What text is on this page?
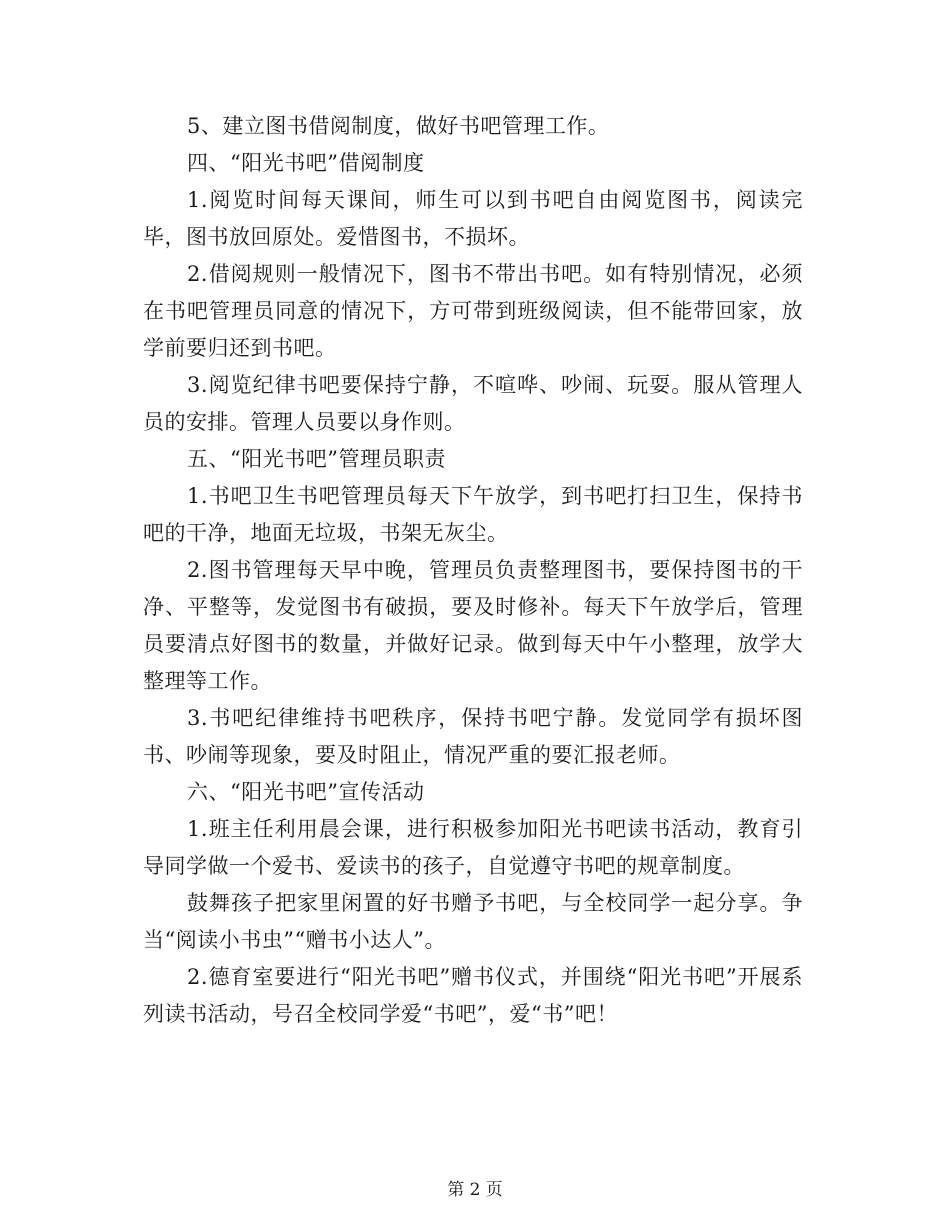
5、建立图书借阅制度，做好书吧管理工作。

四、“阳光书吧”借阅制度

1.阅览时间每天课间，师生可以到书吧自由阅览图书，阅读完毕，图书放回原处。爱惜图书，不损坏。

2.借阅规则一般情况下，图书不带出书吧。如有特别情况，必须在书吧管理员同意的情况下，方可带到班级阅读，但不能带回家，放学前要归还到书吧。

3.阅览纪律书吧要保持宁静，不喧哗、吵闹、玩耍。服从管理人员的安排。管理人员要以身作则。

五、“阳光书吧”管理员职责

1.书吧卫生书吧管理员每天下午放学，到书吧打扫卫生，保持书吧的干净，地面无垃圾，书架无灰尘。

2.图书管理每天早中晚，管理员负责整理图书，要保持图书的干净、平整等，发觉图书有破损，要及时修补。每天下午放学后，管理员要清点好图书的数量，并做好记录。做到每天中午小整理，放学大整理等工作。

3.书吧纪律维持书吧秩序，保持书吧宁静。发觉同学有损坏图书、吵闹等现象，要及时阻止，情况严重的要汇报老师。

六、“阳光书吧”宣传活动

1.班主任利用晨会课，进行积极参加阳光书吧读书活动，教育引导同学做一个爱书、爱读书的孩子，自觉遵守书吧的规章制度。

鼓舞孩子把家里闲置的好书赠予书吧，与全校同学一起分享。争当“阅读小书虫”“赠书小达人”。

2.德育室要进行“阳光书吧”赠书仪式，并围绕“阳光书吧”开展系列读书活动，号召全校同学爱“书吧”，爱“书”吧！

第 2 页
